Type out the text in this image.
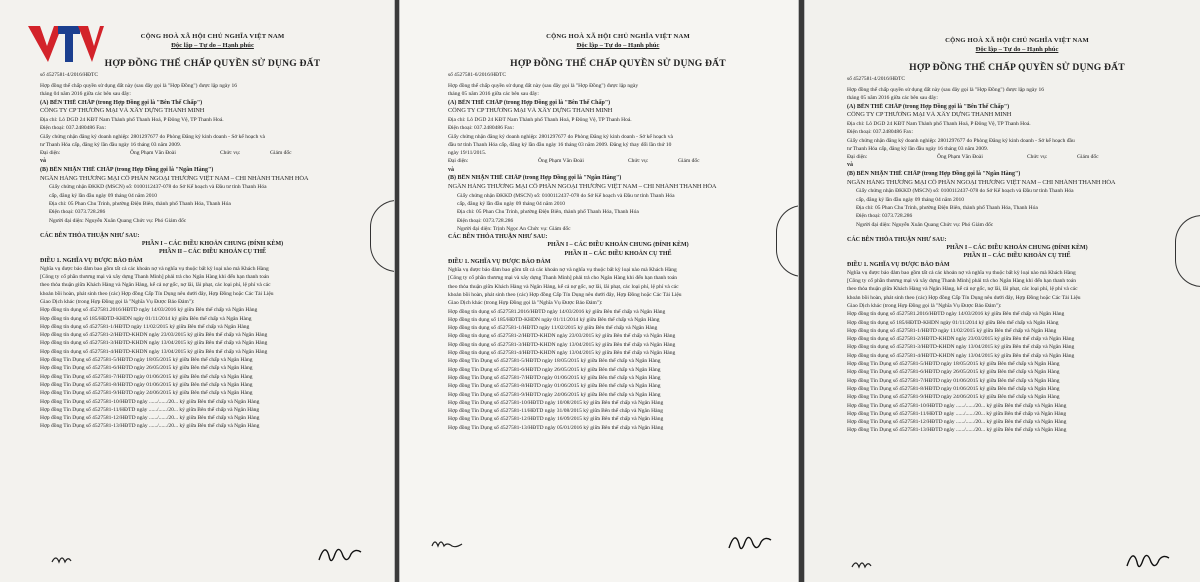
CỘNG HOÀ XÃ HỘI CHỦ NGHĨA VIỆT NAM
Độc lập – Tự do – Hạnh phúc
HỢP ĐỒNG THẾ CHẤP QUYỀN SỬ DỤNG ĐẤT
số 4527581-4/2016/HĐTC
Hợp đồng thế chấp quyền sử dụng đất này (sau đây gọi là "Hợp Đồng") được lập ngày 16
tháng 04 năm 2016 giữa các bên sau đây:
(A) BÊN THẾ CHẤP (trong Hợp Đồng gọi là "Bên Thế Chấp")
CÔNG TY CP THƯƠNG MẠI VÀ XÂY DỰNG THANH MINH
Địa chỉ: Lô DGD 24 KĐT Nam Thành phố Thanh Hoá, P Đông Vệ, TP Thanh Hoá.
Điện thoại: 037.2480486 Fax:
Giấy chứng nhận đăng ký doanh nghiệp: 2801297677 do Phòng Đăng ký kinh doanh - Sở kế hoạch và
tư Thanh Hóa cấp, đăng ký lần đầu ngày 16 tháng 03 năm 2009.
Đại diện:	Ông Phạm Văn Đoài	Chức vụ:	Giám đốc
và
(B) BÊN NHẬN THẾ CHẤP (trong Hợp Đồng gọi là "Ngân Hàng")
NGÂN HÀNG THƯƠNG MẠI CỔ PHẦN NGOẠI THƯƠNG VIỆT NAM – CHI NHÁNH THANH HÓA
Giấy chứng nhận ĐKKD (MSCN) số: 0100112437-078 do Sở Kế hoạch và Đầu tư tỉnh Thanh Hóa
cấp, đăng ký lần đầu ngày 09 tháng 04 năm 2010
Địa chỉ: 05 Phan Chu Trinh, phường Điện Biên, thành phố Thanh Hóa, Thanh Hóa
Điện thoại: 0373.728.286
Người đại diện: Nguyễn Xuân Quang Chức vụ: Phó Giám đốc
CÁC BÊN THỎA THUẬN NHƯ SAU:
PHẦN I – CÁC ĐIỀU KHOẢN CHUNG (ĐÍNH KÈM)
PHẦN II – CÁC ĐIỀU KHOẢN CỤ THỂ
ĐIỀU 1. NGHĨA VỤ ĐƯỢC BẢO ĐẢM
Nghĩa vụ được bảo đảm bao gồm tất cả các khoản nợ và nghĩa vụ thuộc bất kỳ loại nào mà Khách Hàng
[Công ty cổ phần thương mại và xây dựng Thanh Minh] phải trả cho Ngân Hàng khi đến hạn thanh toán
theo thỏa thuận giữa Khách Hàng và Ngân Hàng, kể cả nợ gốc, nợ lãi, lãi phạt, các loại phí, lệ phí và các
khoản bồi hoàn, phát sinh theo (các) Hợp đồng Cấp Tín Dụng nêu dưới đây, Hợp Đồng hoặc Các Tài Liệu
Giao Dịch khác (trong Hợp Đồng gọi là "Nghĩa Vụ Được Bảo Đảm"):
Hợp đồng tín dụng số 4527581.2016/HĐTD ngày 14/03/2016 ký giữa Bên thế chấp và Ngân Hàng
Hợp đồng tín dụng số 185/HĐTD-KHDN ngày 01/11/2014 ký giữa Bên thế chấp và Ngân Hàng
Hợp đồng tín dụng số 4527581-1/HĐTD ngày 11/02/2015 ký giữa Bên thế chấp và Ngân Hàng
Hợp đồng tín dụng số 4527581-2/HĐTD-KHDN ngày 23/03/2015 ký giữa Bên thế chấp và Ngân Hàng
Hợp đồng tín dụng số 4527581-3/HĐTD-KHDN ngày 13/04/2015 ký giữa Bên thế chấp và Ngân Hàng
Hợp đồng tín dụng số 4527581-4/HĐTD-KHDN ngày 13/04/2015 ký giữa Bên thế chấp và Ngân Hàng
Hợp đồng Tín Dụng số 4527581-5/HĐTD ngày 18/05/2015 ký giữa Bên thế chấp và Ngân Hàng
Hợp đồng Tín Dụng số 4527581-6/HĐTD ngày 26/05/2015 ký giữa Bên thế chấp và Ngân Hàng
Hợp đồng Tín Dụng số 4527581-7/HĐTD ngày 01/06/2015 ký giữa Bên thế chấp và Ngân Hàng
Hợp đồng Tín Dụng số 4527581-8/HĐTD ngày 01/06/2015 ký giữa Bên thế chấp và Ngân Hàng
Hợp đồng Tín Dụng số 4527581-9/HĐTD ngày 24/06/2015 ký giữa Bên thế chấp và Ngân Hàng
Hợp đồng Tín Dụng số 4527581-10/HĐTD ngày ....../....../20... ký giữa Bên thế chấp và Ngân Hàng
Hợp đồng Tín Dụng số 4527581-11/HĐTD ngày ....../....../20... ký giữa Bên thế chấp và Ngân Hàng
Hợp đồng Tín Dụng số 4527581-12/HĐTD ngày ....../....../20... ký giữa Bên thế chấp và Ngân Hàng
Hợp đồng Tín Dụng số 4527581-13/HĐTD ngày ....../....../20... ký giữa Bên thế chấp và Ngân Hàng
CỘNG HOÀ XÃ HỘI CHỦ NGHĨA VIỆT NAM
Độc lập – Tự do – Hạnh phúc
HỢP ĐỒNG THẾ CHẤP QUYỀN SỬ DỤNG ĐẤT
số 4527581-6/2016/HĐTC
Hợp đồng thế chấp quyền sử dụng đất này (sau đây gọi là "Hợp Đồng") được lập ngày
tháng 05 năm 2016 giữa các bên sau đây:
(A) BÊN THẾ CHẤP (trong Hợp Đồng gọi là "Bên Thế Chấp")
CÔNG TY CP THƯƠNG MẠI VÀ XÂY DỰNG THANH MINH
Địa chỉ: Lô DGD 24 KĐT Nam Thành phố Thanh Hoá, P Đông Vệ, TP Thanh Hoá.
Điện thoại: 037.2480486 Fax:
Giấy chứng nhận đăng ký doanh nghiệp: 2801297677 do Phòng Đăng ký kinh doanh - Sở kế hoạch và
đầu tư tỉnh Thanh Hóa cấp, đăng ký lần đầu ngày 16 tháng 03 năm 2009. Đăng ký thay đổi lần thứ 10
ngày 19/11/2015.
Đại diện:	Ông Phạm Văn Đoài	Chức vụ:	Giám đốc
và
(B) BÊN NHẬN THẾ CHẤP (trong Hợp Đồng gọi là "Ngân Hàng")
NGÂN HÀNG THƯƠNG MẠI CỔ PHẦN NGOẠI THƯƠNG VIỆT NAM – CHI NHÁNH THANH HÓA
Giấy chứng nhận ĐKKD (MSCN) số: 0100112437-078 do Sở Kế hoạch và Đầu tư tỉnh Thanh Hóa
cấp, đăng ký lần đầu ngày 09 tháng 04 năm 2010
Địa chỉ: 05 Phan Chu Trinh, phường Điện Biên, thành phố Thanh Hóa, Thanh Hóa
Điện thoại: 0373.728.286
Người đại diện: Trịnh Ngọc An Chức vụ: Giám đốc
CÁC BÊN THỎA THUẬN NHƯ SAU:
PHẦN I – CÁC ĐIỀU KHOẢN CHUNG (ĐÍNH KÈM)
PHẦN II – CÁC ĐIỀU KHOẢN CỤ THỂ
ĐIỀU 1. NGHĨA VỤ ĐƯỢC BẢO ĐẢM
Nghĩa vụ được bảo đảm bao gồm tất cả các khoản nợ và nghĩa vụ thuộc bất kỳ loại nào mà Khách Hàng
[Công ty cổ phần thương mại và xây dựng Thanh Minh] phải trả cho Ngân Hàng khi đến hạn thanh toán
theo thỏa thuận giữa Khách Hàng và Ngân Hàng, kể cả nợ gốc, nợ lãi, lãi phạt, các loại phí, lệ phí và các
khoản bồi hoàn, phát sinh theo (các) Hợp đồng Cấp Tín Dụng nêu dưới đây, Hợp Đồng hoặc Các Tài Liệu
Giao Dịch khác (trong Hợp Đồng gọi là "Nghĩa Vụ Được Bảo Đảm"):
Hợp đồng tín dụng số 4527581.2016/HĐTD ngày 14/03/2016 ký giữa Bên thế chấp và Ngân Hàng
Hợp đồng tín dụng số 185/HĐTD-KHDN ngày 01/11/2014 ký giữa Bên thế chấp và Ngân Hàng
Hợp đồng tín dụng số 4527581-1/HĐTD ngày 11/02/2015 ký giữa Bên thế chấp và Ngân Hàng
Hợp đồng tín dụng số 4527581-2/HĐTD-KHDN ngày 23/03/2015 ký giữa Bên thế chấp và Ngân Hàng
Hợp đồng tín dụng số 4527581-3/HĐTD-KHDN ngày 13/04/2015 ký giữa Bên thế chấp và Ngân Hàng
Hợp đồng tín dụng số 4527581-4/HĐTD-KHDN ngày 13/04/2015 ký giữa Bên thế chấp và Ngân Hàng
Hợp đồng Tín Dụng số 4527581-5/HĐTD ngày 18/05/2015 ký giữa Bên thế chấp và Ngân Hàng
Hợp đồng Tín Dụng số 4527581-6/HĐTD ngày 26/05/2015 ký giữa Bên thế chấp và Ngân Hàng
Hợp đồng Tín Dụng số 4527581-7/HĐTD ngày 01/06/2015 ký giữa Bên thế chấp và Ngân Hàng
Hợp đồng Tín Dụng số 4527581-8/HĐTD ngày 01/06/2015 ký giữa Bên thế chấp và Ngân Hàng
Hợp đồng Tín Dụng số 4527581-9/HĐTD ngày 24/06/2015 ký giữa Bên thế chấp và Ngân Hàng
Hợp đồng Tín Dụng số 4527581-10/HĐTD ngày 10/08/2015 ký giữa Bên thế chấp và Ngân Hàng
Hợp đồng Tín Dụng số 4527581-11/HĐTD ngày 31/08/2015 ký giữa Bên thế chấp và Ngân Hàng
Hợp đồng Tín Dụng số 4527581-12/HĐTD ngày 16/09/2015 ký giữa Bên thế chấp và Ngân Hàng
Hợp đồng Tín Dụng số 4527581-13/HĐTD ngày 05/01/2016 ký giữa Bên thế chấp và Ngân Hàng
CỘNG HOÀ XÃ HỘI CHỦ NGHĨA VIỆT NAM
Độc lập – Tự do – Hạnh phúc
HỢP ĐỒNG THẾ CHẤP QUYỀN SỬ DỤNG ĐẤT
số 4527581-4/2016/HĐTC
Hợp đồng thế chấp quyền sử dụng đất này (sau đây gọi là "Hợp Đồng") được lập ngày 16
tháng 05 năm 2016 giữa các bên sau đây:
(A) BÊN THẾ CHẤP (trong Hợp Đồng gọi là "Bên Thế Chấp")
CÔNG TY CP THƯƠNG MẠI VÀ XÂY DỰNG THANH MINH
Địa chỉ: Lô DGD 24 KĐT Nam Thành phố Thanh Hoá, P Đông Vệ, TP Thanh Hoá.
Điện thoại: 037.2480486 Fax:
Giấy chứng nhận đăng ký doanh nghiệp: 2801297677 do Phòng Đăng ký kinh doanh - Sở kế hoạch đầu
tư Thanh Hóa cấp, đăng ký lần đầu ngày 16 tháng 03 năm 2009.
Đại diện:	Ông Phạm Văn Đoài	Chức vụ:	Giám đốc
và
(B) BÊN NHẬN THẾ CHẤP (trong Hợp Đồng gọi là "Ngân Hàng")
NGÂN HÀNG THƯƠNG MẠI CỔ PHẦN NGOẠI THƯƠNG VIỆT NAM – CHI NHÁNH THANH HÓA
Giấy chứng nhận ĐKKD (MSCN) số: 0100112437-078 do Sở Kế hoạch và Đầu tư tỉnh Thanh Hóa
cấp, đăng ký lần đầu ngày 09 tháng 04 năm 2010
Địa chỉ: 05 Phan Chu Trinh, phường Điện Biên, thành phố Thanh Hóa, Thanh Hóa
Điện thoại: 0373.728.286
Người đại diện: Nguyễn Xuân Quang Chức vụ: Phó Giám đốc
CÁC BÊN THỎA THUẬN NHƯ SAU:
PHẦN I – CÁC ĐIỀU KHOẢN CHUNG (ĐÍNH KÈM)
PHẦN II – CÁC ĐIỀU KHOẢN CỤ THỂ
ĐIỀU 1. NGHĨA VỤ ĐƯỢC BẢO ĐẢM
Nghĩa vụ được bảo đảm bao gồm tất cả các khoản nợ và nghĩa vụ thuộc bất kỳ loại nào mà Khách Hàng
[Công ty cổ phần thương mại và xây dựng Thanh Minh] phải trả cho Ngân Hàng khi đến hạn thanh toán
theo thỏa thuận giữa Khách Hàng và Ngân Hàng, kể cả nợ gốc, nợ lãi, lãi phạt, các loại phí, lệ phí và các
khoản bồi hoàn, phát sinh theo (các) Hợp đồng Cấp Tín Dụng nêu dưới đây, Hợp Đồng hoặc Các Tài Liệu
Giao Dịch khác (trong Hợp Đồng gọi là "Nghĩa Vụ Được Bảo Đảm"):
Hợp đồng tín dụng số 4527581.2016/HĐTD ngày 14/03/2016 ký giữa Bên thế chấp và Ngân Hàng
Hợp đồng tín dụng số 185/HĐTD-KHDN ngày 01/11/2014 ký giữa Bên thế chấp và Ngân Hàng
Hợp đồng tín dụng số 4527581-1/HĐTD ngày 11/02/2015 ký giữa Bên thế chấp và Ngân Hàng
Hợp đồng tín dụng số 4527581-2/HĐTD-KHDN ngày 23/03/2015 ký giữa Bên thế chấp và Ngân Hàng
Hợp đồng tín dụng số 4527581-3/HĐTD-KHDN ngày 13/04/2015 ký giữa Bên thế chấp và Ngân Hàng
Hợp đồng tín dụng số 4527581-4/HĐTD-KHDN ngày 13/04/2015 ký giữa Bên thế chấp và Ngân Hàng
Hợp đồng Tín Dụng số 4527581-5/HĐTD ngày 18/05/2015 ký giữa Bên thế chấp và Ngân Hàng
Hợp đồng Tín Dụng số 4527581-6/HĐTD ngày 26/05/2015 ký giữa Bên thế chấp và Ngân Hàng
Hợp đồng Tín Dụng số 4527581-7/HĐTD ngày 01/06/2015 ký giữa Bên thế chấp và Ngân Hàng
Hợp đồng Tín Dụng số 4527581-8/HĐTD ngày 01/06/2015 ký giữa Bên thế chấp và Ngân Hàng
Hợp đồng Tín Dụng số 4527581-9/HĐTD ngày 24/06/2015 ký giữa Bên thế chấp và Ngân Hàng
Hợp đồng Tín Dụng số 4527581-10/HĐTD ngày ....../....../20... ký giữa Bên thế chấp và Ngân Hàng
Hợp đồng Tín Dụng số 4527581-11/HĐTD ngày ....../....../20... ký giữa Bên thế chấp và Ngân Hàng
Hợp đồng Tín Dụng số 4527581-12/HĐTD ngày ....../....../20... ký giữa Bên thế chấp và Ngân Hàng
Hợp đồng Tín Dụng số 4527581-13/HĐTD ngày ....../....../20... ký giữa Bên thế chấp và Ngân Hàng
